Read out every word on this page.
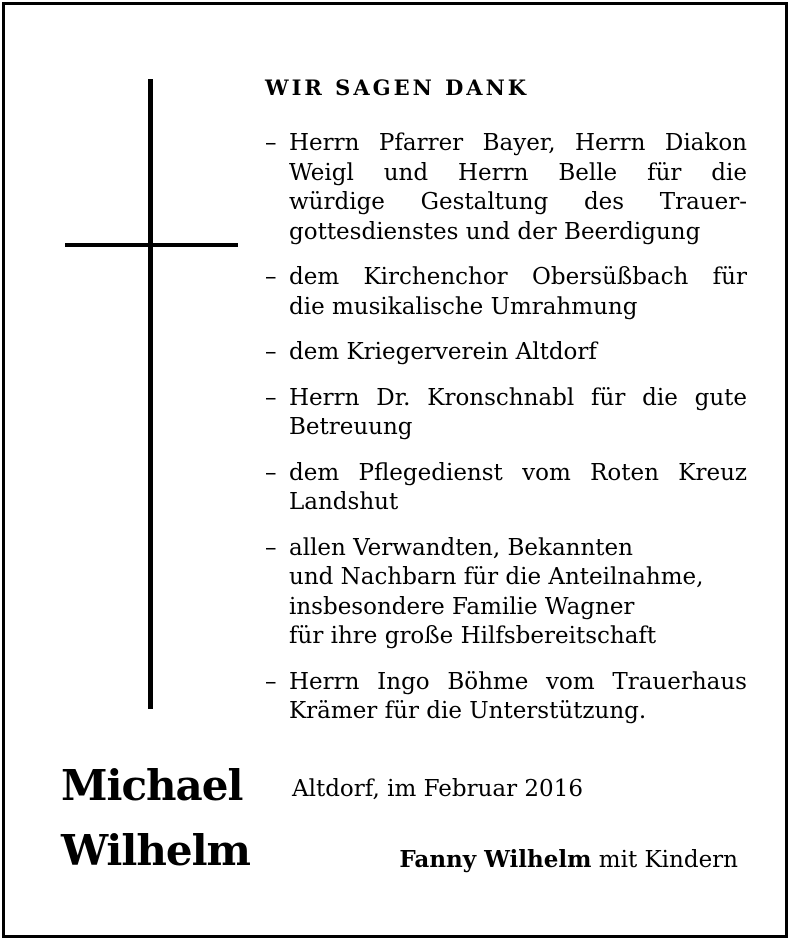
Michael
Wilhelm
WIR SAGEN DANK
– Herrn Pfarrer Bayer, Herrn Diakon
Weigl und Herrn Belle für die
würdige Gestaltung des Trauer-
gottesdienstes und der Beerdigung
– dem Kirchenchor Obersüßbach für
die musikalische Umrahmung
– dem Kriegerverein Altdorf
– Herrn Dr. Kronschnabl für die gute
Betreuung
– dem Pflegedienst vom Roten Kreuz
Landshut
– allen Verwandten, Bekannten
und Nachbarn für die Anteilnahme,
insbesondere Familie Wagner
für ihre große Hilfsbereitschaft
– Herrn Ingo Böhme vom Trauerhaus
Krämer für die Unterstützung.
Altdorf, im Februar 2016
Fanny Wilhelm mit Kindern
